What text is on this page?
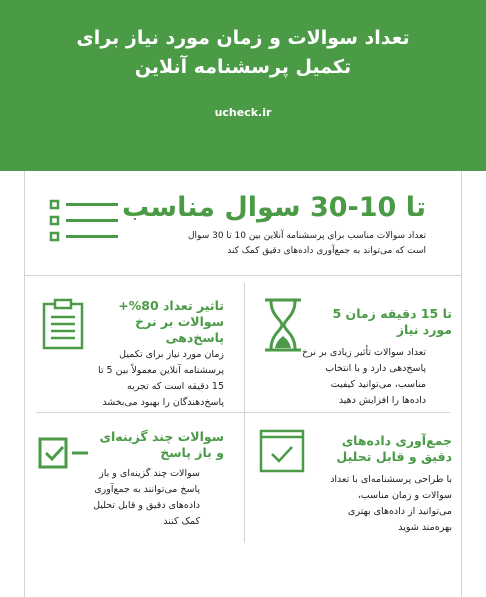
تعداد سوالات و زمان مورد نیاز برای
تکمیل پرسشنامه آنلاین
ucheck.ir
تا 10-30 سوال مناسب
تعداد سوالات مناسب برای پرسشنامه آنلاین بین 10 تا 30 سوال
است که می‌تواند به جمع‌آوری داده‌های دقیق کمک کند
تا 15 دقیقه زمان 5
مورد نیاز
تعداد سوالات تأثیر زیادی بر نرخ
پاسخ‌دهی دارد و با انتخاب
مناسب، می‌توانید کیفیت
داده‌ها را افزایش دهید
تاثیر تعداد 80%+
سوالات بر نرخ
پاسخ‌دهی
زمان مورد نیاز برای تکمیل
پرسشنامه آنلاین معمولاً بین 5 تا
15 دقیقه است که تجربه
پاسخ‌دهندگان را بهبود می‌بخشد
جمع‌آوری داده‌های
دقیق و قابل تحلیل
با طراحی پرسشنامه‌ای با تعداد
سوالات و زمان مناسب،
می‌توانید از داده‌های بهتری
بهره‌مند شوید
سوالات چند گزینه‌ای
و باز پاسخ
سوالات چند گزینه‌ای و باز
پاسخ می‌توانند به جمع‌آوری
داده‌های دقیق و قابل تحلیل
کمک کنند
